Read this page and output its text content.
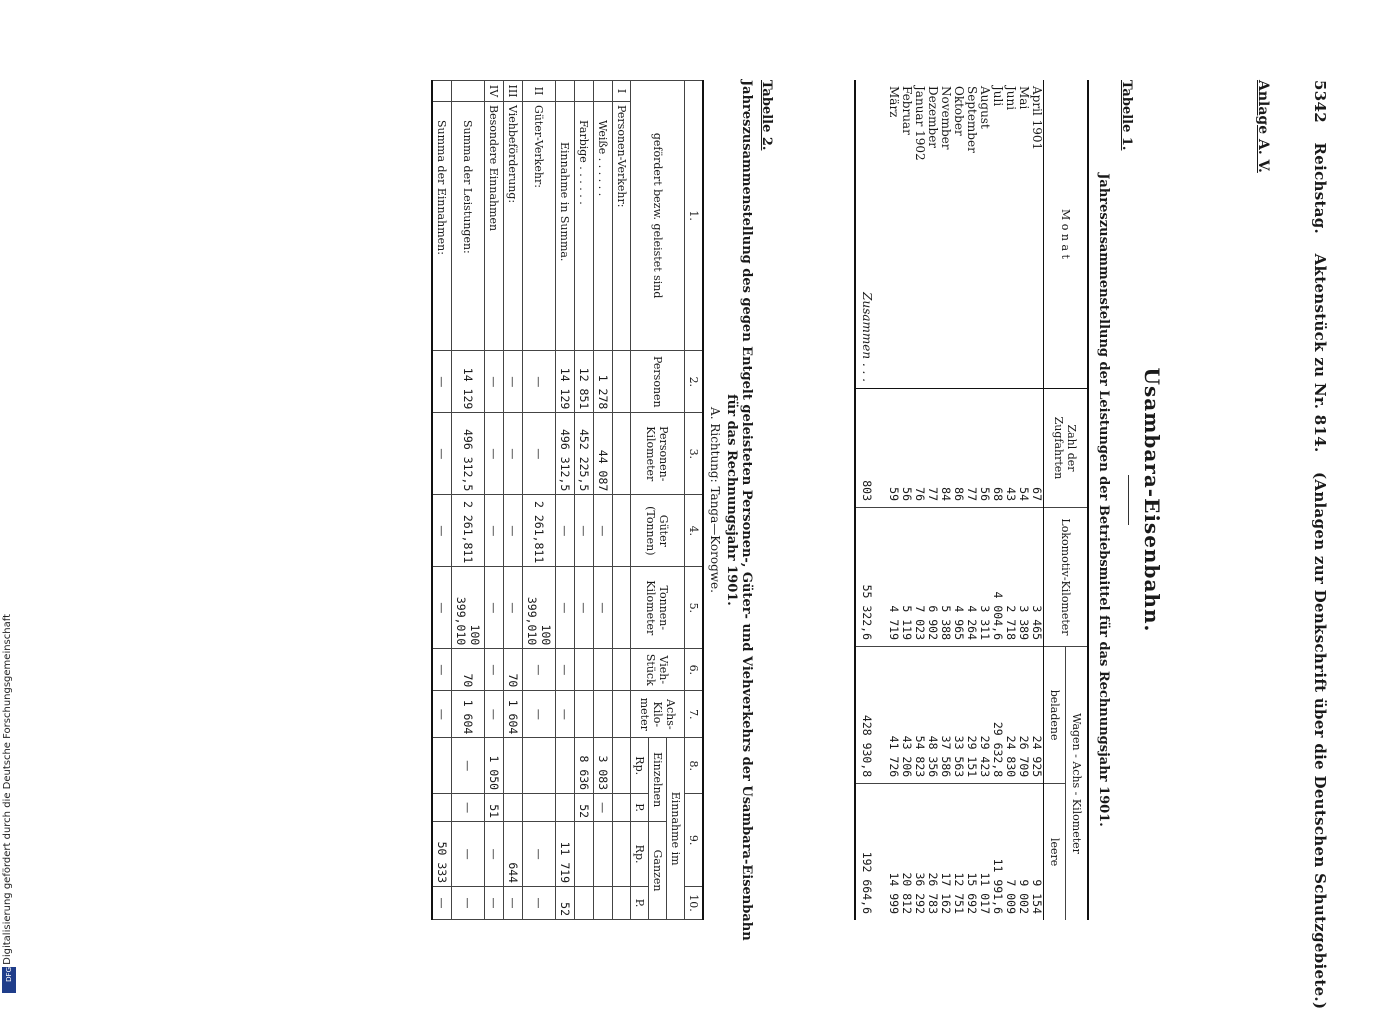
5342 Reichstag. Aktenstück zu Nr. 814. (Anlagen zur Denkschrift über die Deutschen Schutzgebiete.)
Anlage A. V.
Usambara-Eisenbahn.
Tabelle 1.
Jahreszusammenstellung der Leistungen der Betriebsmittel für das Rechnungsjahr 1901.
M o n a t	Zahl der Zugfahrten	Lokomotiv-Kilometer	Wagen - Achs - Kilometer	
			beladene	leere
April 1901	67	3 465	24 925	9 154
Mai	54	3 389	26 709	9 002
Juni	43	2 718	24 830	7 009
Juli	68	4 004,6	29 632,8	11 991,6
August	56	3 311	29 423	11 017
September	77	4 264	29 151	15 692
Oktober	86	4 965	33 563	12 751
November	84	5 388	37 586	17 162
Dezember	77	6 902	48 356	26 783
Januar 1902	76	7 023	54 823	36 292
Februar	56	5 119	43 206	20 812
März	59	4 719	41 726	14 999
Zusammen . . .	803	55 322,6	428 930,8	192 664,6
Tabelle 2.
Jahreszusammenstellung des gegen Entgelt geleisteten Personen-, Güter- und Viehverkehrs der Usambara-Eisenbahn
für das Rechnungsjahr 1901.
A. Richtung: Tanga—Korogwe.
1.		2.	3.	4.	5.	6.	7.	8.	9.		10.
gefördert bezw. geleistet sind		Personen	Personen-Kilometer	Güter (Tonnen)	Tonnen-Kilometer	Vieh-Stück	Achs-Kilo-meter	Einnahme im			
								Einzelnen		Ganzen	
								Rp.	P.	Rp.	P.
I	Personen-Verkehr:										
	Weiße . . . . . .	1 278	44 087	—	—			3 083	—		
	Farbige . . . . . .	12 851	452 225,5	—	—			8 636	52		
	Einnahme in Summa.	14 129	496 312,5	—	—	—	—			11 719	52
II	Güter-Verkehr:	—	—	2 261,811	100 399,010	—	—			—	—
III	Viehbeförderung:	—	—	—	—	70	1 604			644	—
IV	Besondere Einnahmen	—	—	—	—	—	—	1 050	51	—	—
	Summa der Leistungen:	14 129	496 312,5	2 261,811	100 399,010	70	1 604	—	—	—	—
	Summa der Einnahmen:	—	—	—	—	—	—			50 333	—
Digitalisierung gefördert durch die Deutsche Forschungsgemeinschaft
DFG
